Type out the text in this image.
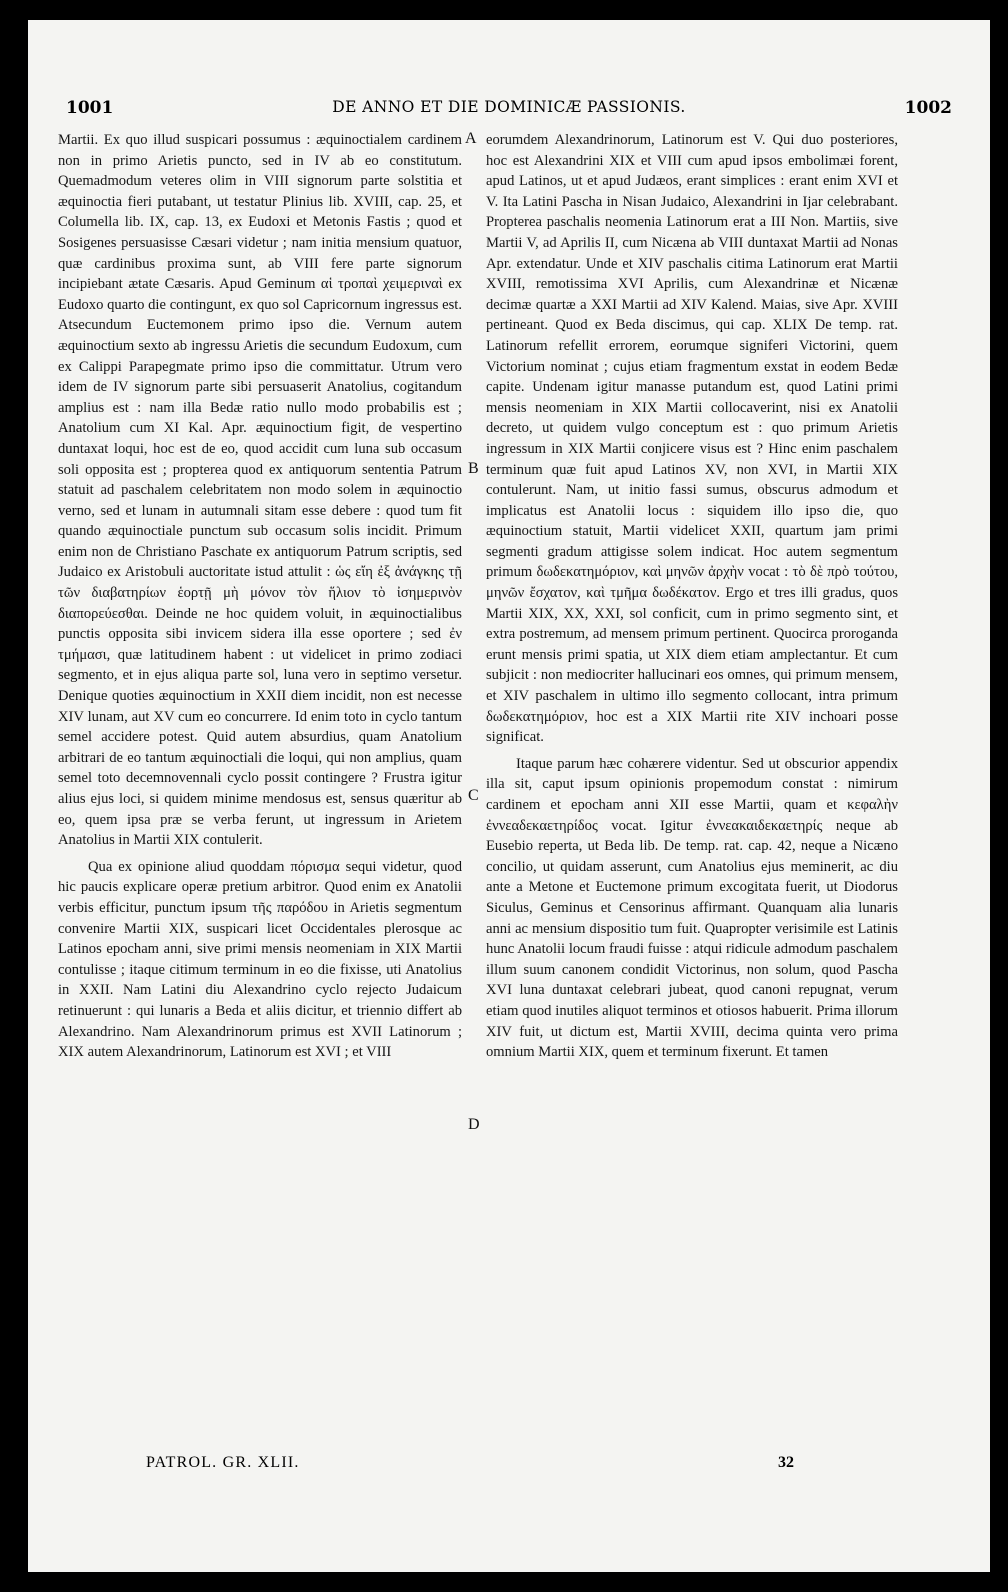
1001	DE ANNO ET DIE DOMINICÆ PASSIONIS.	1002

Martii. Ex quo illud suspicari possumus : æquinoctialem cardinem non in primo Arietis puncto, sed in IV ab eo constitutum. Quemadmodum veteres olim in VIII signorum parte solstitia et æquinoctia fieri putabant, ut testatur Plinius lib. XVIII, cap. 25, et Columella lib. IX, cap. 13, ex Eudoxi et Metonis Fastis ; quod et Sosigenes persuasisse Cæsari videtur ; nam initia mensium quatuor, quæ cardinibus proxima sunt, ab VIII fere parte signorum incipiebant ætate Cæsaris. Apud Geminum αἱ τροπαὶ χειμεριναὶ ex Eudoxo quarto die contingunt, ex quo sol Capricornum ingressus est. Atsecundum Euctemonem primo ipso die. Vernum autem æquinoctium sexto ab ingressu Arietis die secundum Eudoxum, cum ex Calippi Parapegmate primo ipso die committatur. Utrum vero idem de IV signorum parte sibi persuaserit Anatolius, cogitandum amplius est : nam illa Bedæ ratio nullo modo probabilis est ; Anatolium cum XI Kal. Apr. æquinoctium figit, de vespertino duntaxat loqui, hoc est de eo, quod accidit cum luna sub occasum soli opposita est ; propterea quod ex antiquorum sententia Patrum statuit ad paschalem celebritatem non modo solem in æquinoctio verno, sed et lunam in autumnali sitam esse debere : quod tum fit quando æquinoctiale punctum sub occasum solis incidit. Primum enim non de Christiano Paschate ex antiquorum Patrum scriptis, sed Judaico ex Aristobuli auctoritate istud attulit : ὡς εἴη ἐξ ἀνάγκης τῇ τῶν διαβατηρίων ἑορτῇ μὴ μόνον τὸν ἥλιον τὸ ἰσημερινὸν διαπορεύεσθαι. Deinde ne hoc quidem voluit, in æquinoctialibus punctis opposita sibi invicem sidera illa esse oportere ; sed ἐν τμήμασι, quæ latitudinem habent : ut videlicet in primo zodiaci segmento, et in ejus aliqua parte sol, luna vero in septimo versetur. Denique quoties æquinoctium in XXII diem incidit, non est necesse XIV lunam, aut XV cum eo concurrere. Id enim toto in cyclo tantum semel accidere potest. Quid autem absurdius, quam Anatolium arbitrari de eo tantum æquinoctiali die loqui, qui non amplius, quam semel toto decemnovennali cyclo possit contingere ? Frustra igitur alius ejus loci, si quidem minime mendosus est, sensus quæritur ab eo, quem ipsa præ se verba ferunt, ut ingressum in Arietem Anatolius in Martii XIX contulerit.

Qua ex opinione aliud quoddam πόρισμα sequi videtur, quod hic paucis explicare operæ pretium arbitror. Quod enim ex Anatolii verbis efficitur, punctum ipsum τῆς παρόδου in Arietis segmentum convenire Martii XIX, suspicari licet Occidentales plerosque ac Latinos epocham anni, sive primi mensis neomeniam in XIX Martii contulisse ; itaque citimum terminum in eo die fixisse, uti Anatolius in XXII. Nam Latini diu Alexandrino cyclo rejecto Judaicum retinuerunt : qui lunaris a Beda et aliis dicitur, et triennio differt ab Alexandrino. Nam Alexandrinorum primus est XVII Latinorum ; XIX autem Alexandrinorum, Latinorum est XVI ; et VIII

eorumdem Alexandrinorum, Latinorum est V. Qui duo posteriores, hoc est Alexandrini XIX et VIII cum apud ipsos embolimæi forent, apud Latinos, ut et apud Judæos, erant simplices : erant enim XVI et V. Ita Latini Pascha in Nisan Judaico, Alexandrini in Ijar celebrabant. Propterea paschalis neomenia Latinorum erat a III Non. Martiis, sive Martii V, ad Aprilis II, cum Nicæna ab VIII duntaxat Martii ad Nonas Apr. extendatur. Unde et XIV paschalis citima Latinorum erat Martii XVIII, remotissima XVI Aprilis, cum Alexandrinæ et Nicænæ decimæ quartæ a XXI Martii ad XIV Kalend. Maias, sive Apr. XVIII pertineant. Quod ex Beda discimus, qui cap. XLIX De temp. rat. Latinorum refellit errorem, eorumque signiferi Victorini, quem Victorium nominat ; cujus etiam fragmentum exstat in eodem Bedæ capite. Undenam igitur manasse putandum est, quod Latini primi mensis neomeniam in XIX Martii collocaverint, nisi ex Anatolii decreto, ut quidem vulgo conceptum est : quo primum Arietis ingressum in XIX Martii conjicere visus est ? Hinc enim paschalem terminum quæ fuit apud Latinos XV, non XVI, in Martii XIX contulerunt. Nam, ut initio fassi sumus, obscurus admodum et implicatus est Anatolii locus : siquidem illo ipso die, quo æquinoctium statuit, Martii videlicet XXII, quartum jam primi segmenti gradum attigisse solem indicat. Hoc autem segmentum primum δωδεκατημόριον, καὶ μηνῶν ἀρχὴν vocat : τὸ δὲ πρὸ τούτου, μηνῶν ἔσχατον, καὶ τμῆμα δωδέκατον. Ergo et tres illi gradus, quos Martii XIX, XX, XXI, sol conficit, cum in primo segmento sint, et extra postremum, ad mensem primum pertinent. Quocirca proroganda erunt mensis primi spatia, ut XIX diem etiam amplectantur. Et cum subjicit : non mediocriter hallucinari eos omnes, qui primum mensem, et XIV paschalem in ultimo illo segmento collocant, intra primum δωδεκατημόριον, hoc est a XIX Martii rite XIV inchoari posse significat.

Itaque parum hæc cohærere videntur. Sed ut obscurior appendix illa sit, caput ipsum opinionis propemodum constat : nimirum cardinem et epocham anni XII esse Martii, quam et κεφαλὴν ἐννεαδεκαετηρίδος vocat. Igitur ἐννεακαιδεκαετηρίς neque ab Eusebio reperta, ut Beda lib. De temp. rat. cap. 42, neque a Nicæno concilio, ut quidam asserunt, cum Anatolius ejus meminerit, ac diu ante a Metone et Euctemone primum excogitata fuerit, ut Diodorus Siculus, Geminus et Censorinus affirmant. Quanquam alia lunaris anni ac mensium dispositio tum fuit. Quapropter verisimile est Latinis hunc Anatolii locum fraudi fuisse : atqui ridicule admodum paschalem illum suum canonem condidit Victorinus, non solum, quod Pascha XVI luna duntaxat celebrari jubeat, quod canoni repugnat, verum etiam quod inutiles aliquot terminos et otiosos habuerit. Prima illorum XIV fuit, ut dictum est, Martii XVIII, decima quinta vero prima omnium Martii XIX, quem et terminum fixerunt. Et tamen

A
B
C
D
PATROL. GR. XLII.	32
